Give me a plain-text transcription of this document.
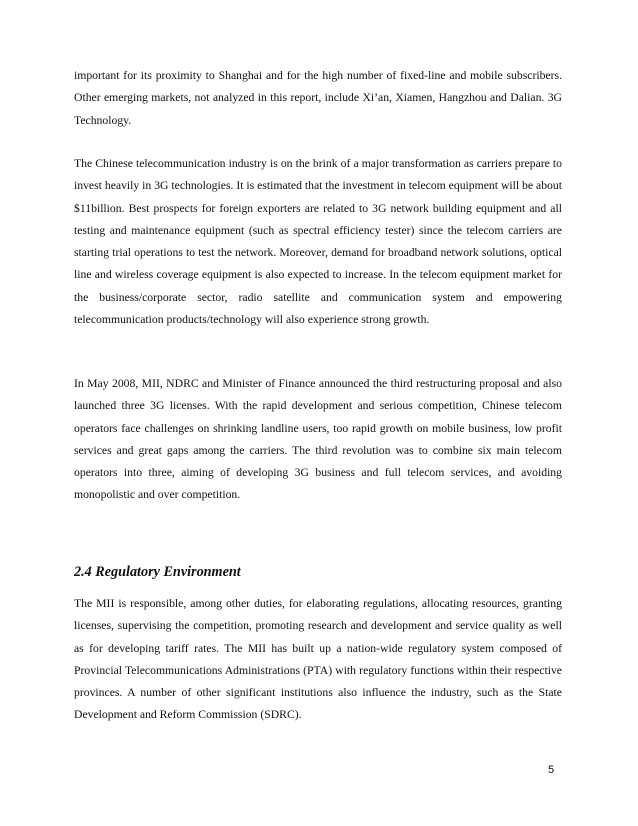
important for its proximity to Shanghai and for the high number of fixed-line and mobile subscribers. Other emerging markets, not analyzed in this report, include Xi’an, Xiamen, Hangzhou and Dalian. 3G Technology.

The Chinese telecommunication industry is on the brink of a major transformation as carriers prepare to invest heavily in 3G technologies. It is estimated that the investment in telecom equipment will be about $11billion. Best prospects for foreign exporters are related to 3G network building equipment and all testing and maintenance equipment (such as spectral efficiency tester) since the telecom carriers are starting trial operations to test the network. Moreover, demand for broadband network solutions, optical line and wireless coverage equipment is also expected to increase. In the telecom equipment market for the business/corporate sector, radio satellite and communication system and empowering telecommunication products/technology will also experience strong growth.

In May 2008, MII, NDRC and Minister of Finance announced the third restructuring proposal and also launched three 3G licenses. With the rapid development and serious competition, Chinese telecom operators face challenges on shrinking landline users, too rapid growth on mobile business, low profit services and great gaps among the carriers. The third revolution was to combine six main telecom operators into three, aiming of developing 3G business and full telecom services, and avoiding monopolistic and over competition.

2.4 Regulatory Environment

The MII is responsible, among other duties, for elaborating regulations, allocating resources, granting licenses, supervising the competition, promoting research and development and service quality as well as for developing tariff rates. The MII has built up a nation-wide regulatory system composed of Provincial Telecommunications Administrations (PTA) with regulatory functions within their respective provinces. A number of other significant institutions also influence the industry, such as the State Development and Reform Commission (SDRC).

5
